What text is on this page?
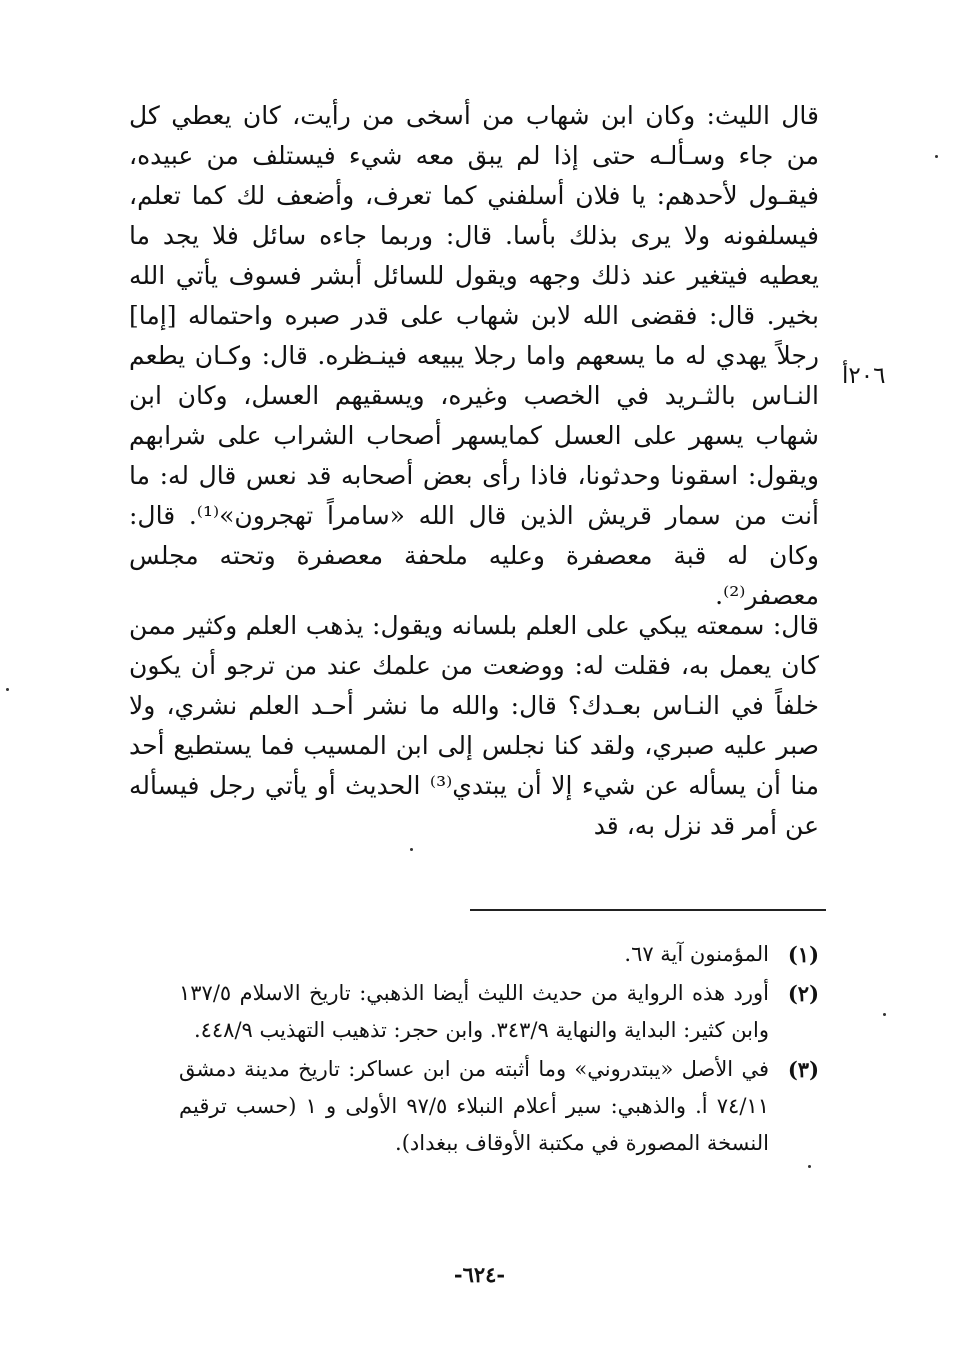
قال الليث: وكان ابن شهاب من أسخى من رأيت، كان يعطي كل من جاء وسـألـه حتى إذا لم يبق معه شيء فيستلف من عبيده، فيقـول لأحدهم: يا فلان أسلفني كما تعرف، وأضعف لك كما تعلم، فيسلفونه ولا يرى بذلك بأسا. قال: وربما جاءه سائل فلا يجد ما يعطيه فيتغير عند ذلك وجهه ويقول للسائل أبشر فسوف يأتي الله بخير. قال: فقضى الله لابن شهاب على قدر صبره واحتماله [إما] رجلاً يهدي له ما يسعهم واما رجلا يبيعه فينـظره. قال: وكـان يطعم النـاس بالثـريد في الخصب وغيره، ويسقيهم العسل، وكان ابن شهاب يسهر على العسل كمايسهر أصحاب الشراب على شرابهم ويقول: اسقونا وحدثونا، فاذا رأى بعض أصحابه قد نعس قال له: ما أنت من سمار قريش الذين قال الله «سامراً تهجرون»⁽¹⁾. قال: وكان له قبة معصفرة وعليه ملحفة معصفرة وتحته مجلس معصفر⁽²⁾.

٢٠٦أ

قال: سمعته يبكي على العلم بلسانه ويقول: يذهب العلم وكثير ممن كان يعمل به، فقلت له: ووضعت من علمك عند من ترجو أن يكون خلفاً في النـاس بعـدك؟ قال: والله ما نشر أحـد العلم نشري، ولا صبر عليه صبري، ولقد كنا نجلس إلى ابن المسيب فما يستطيع أحد منا أن يسأله عن شيء إلا أن يبتدي⁽³⁾ الحديث أو يأتي رجل فيسأله عن أمر قد نزل به، قد

(١)
المؤمنون آية ٦٧.
(٢)
أورد هذه الرواية من حديث الليث أيضا الذهبي: تاريخ الاسلام ١٣٧/٥ وابن كثير: البداية والنهاية ٣٤٣/٩. وابن حجر: تذهيب التهذيب ٤٤٨/٩.
(٣)
في الأصل «يبتدروني» وما أثبته من ابن عساكر: تاريخ مدينة دمشق ٧٤/١١ أ. والذهبي: سير أعلام النبلاء ٩٧/٥ الأولى و ١ (حسب ترقيم النسخة المصورة في مكتبة الأوقاف ببغداد).
-٦٢٤-
